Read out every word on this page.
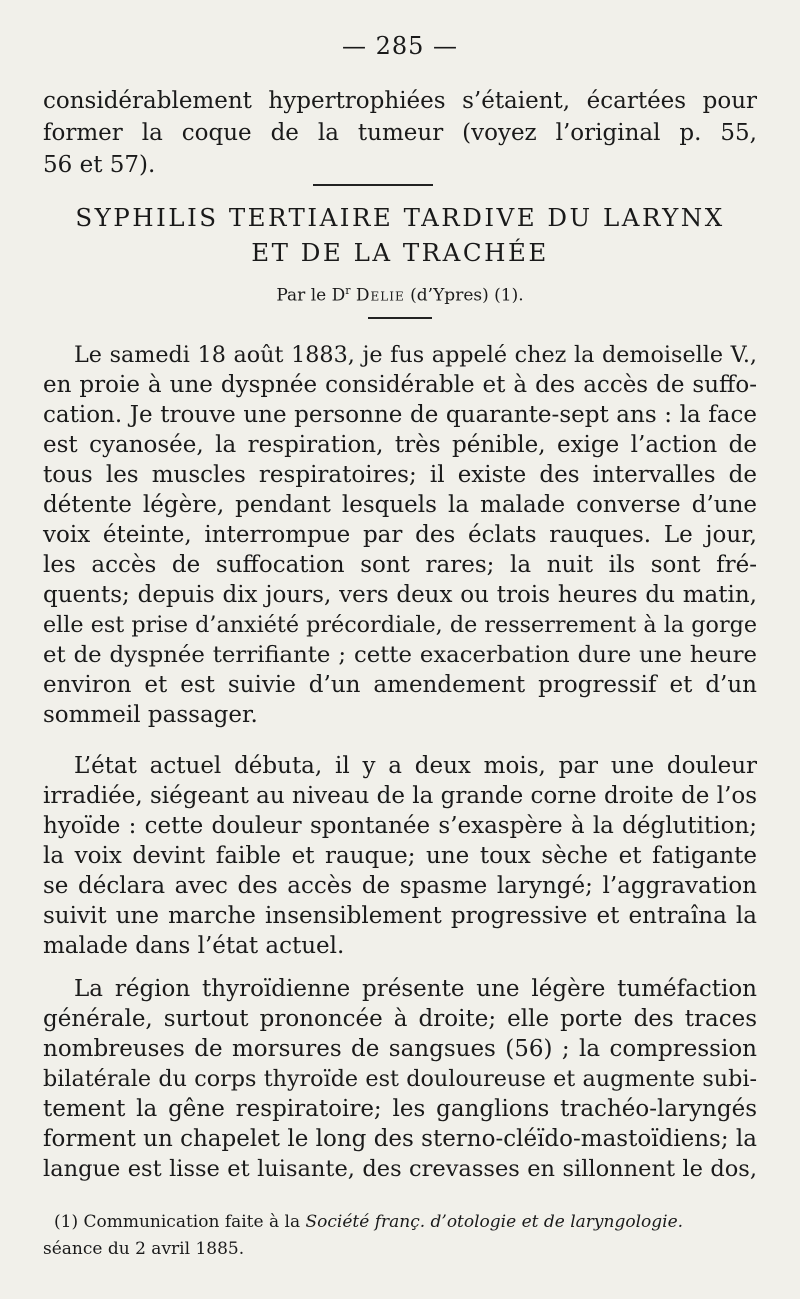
— 285 —
considérablement hypertrophiées s’étaient, écartées pour
former la coque de la tumeur (voyez l’original p. 55,
56 et 57).
SYPHILIS TERTIAIRE TARDIVE DU LARYNX
ET DE LA TRACHÉE
Par le $D^r$ Delie (d’Ypres) (1).
Le samedi 18 août 1883, je fus appelé chez la demoiselle V.,
en proie à une dyspnée considérable et à des accès de suffo-
cation. Je trouve une personne de quarante-sept ans : la face
est cyanosée, la respiration, très pénible, exige l’action de
tous les muscles respiratoires; il existe des intervalles de
détente légère, pendant lesquels la malade converse d’une
voix éteinte, interrompue par des éclats rauques. Le jour,
les accès de suffocation sont rares; la nuit ils sont fré-
quents; depuis dix jours, vers deux ou trois heures du matin,
elle est prise d’anxiété précordiale, de resserrement à la gorge
et de dyspnée terrifiante ; cette exacerbation dure une heure
environ et est suivie d’un amendement progressif et d’un
sommeil passager.
L’état actuel débuta, il y a deux mois, par une douleur
irradiée, siégeant au niveau de la grande corne droite de l’os
hyoïde : cette douleur spontanée s’exaspère à la déglutition;
la voix devint faible et rauque; une toux sèche et fatigante
se déclara avec des accès de spasme laryngé; l’aggravation
suivit une marche insensiblement progressive et entraîna la
malade dans l’état actuel.
La région thyroïdienne présente une légère tuméfaction
générale, surtout prononcée à droite; elle porte des traces
nombreuses de morsures de sangsues (56) ; la compression
bilatérale du corps thyroïde est douloureuse et augmente subi-
tement la gêne respiratoire; les ganglions trachéo-laryngés
forment un chapelet le long des sterno-cléïdo-mastoïdiens; la
langue est lisse et luisante, des crevasses en sillonnent le dos,
(1) Communication faite à la Société franç. d’otologie et de laryngologie.
séance du 2 avril 1885.
